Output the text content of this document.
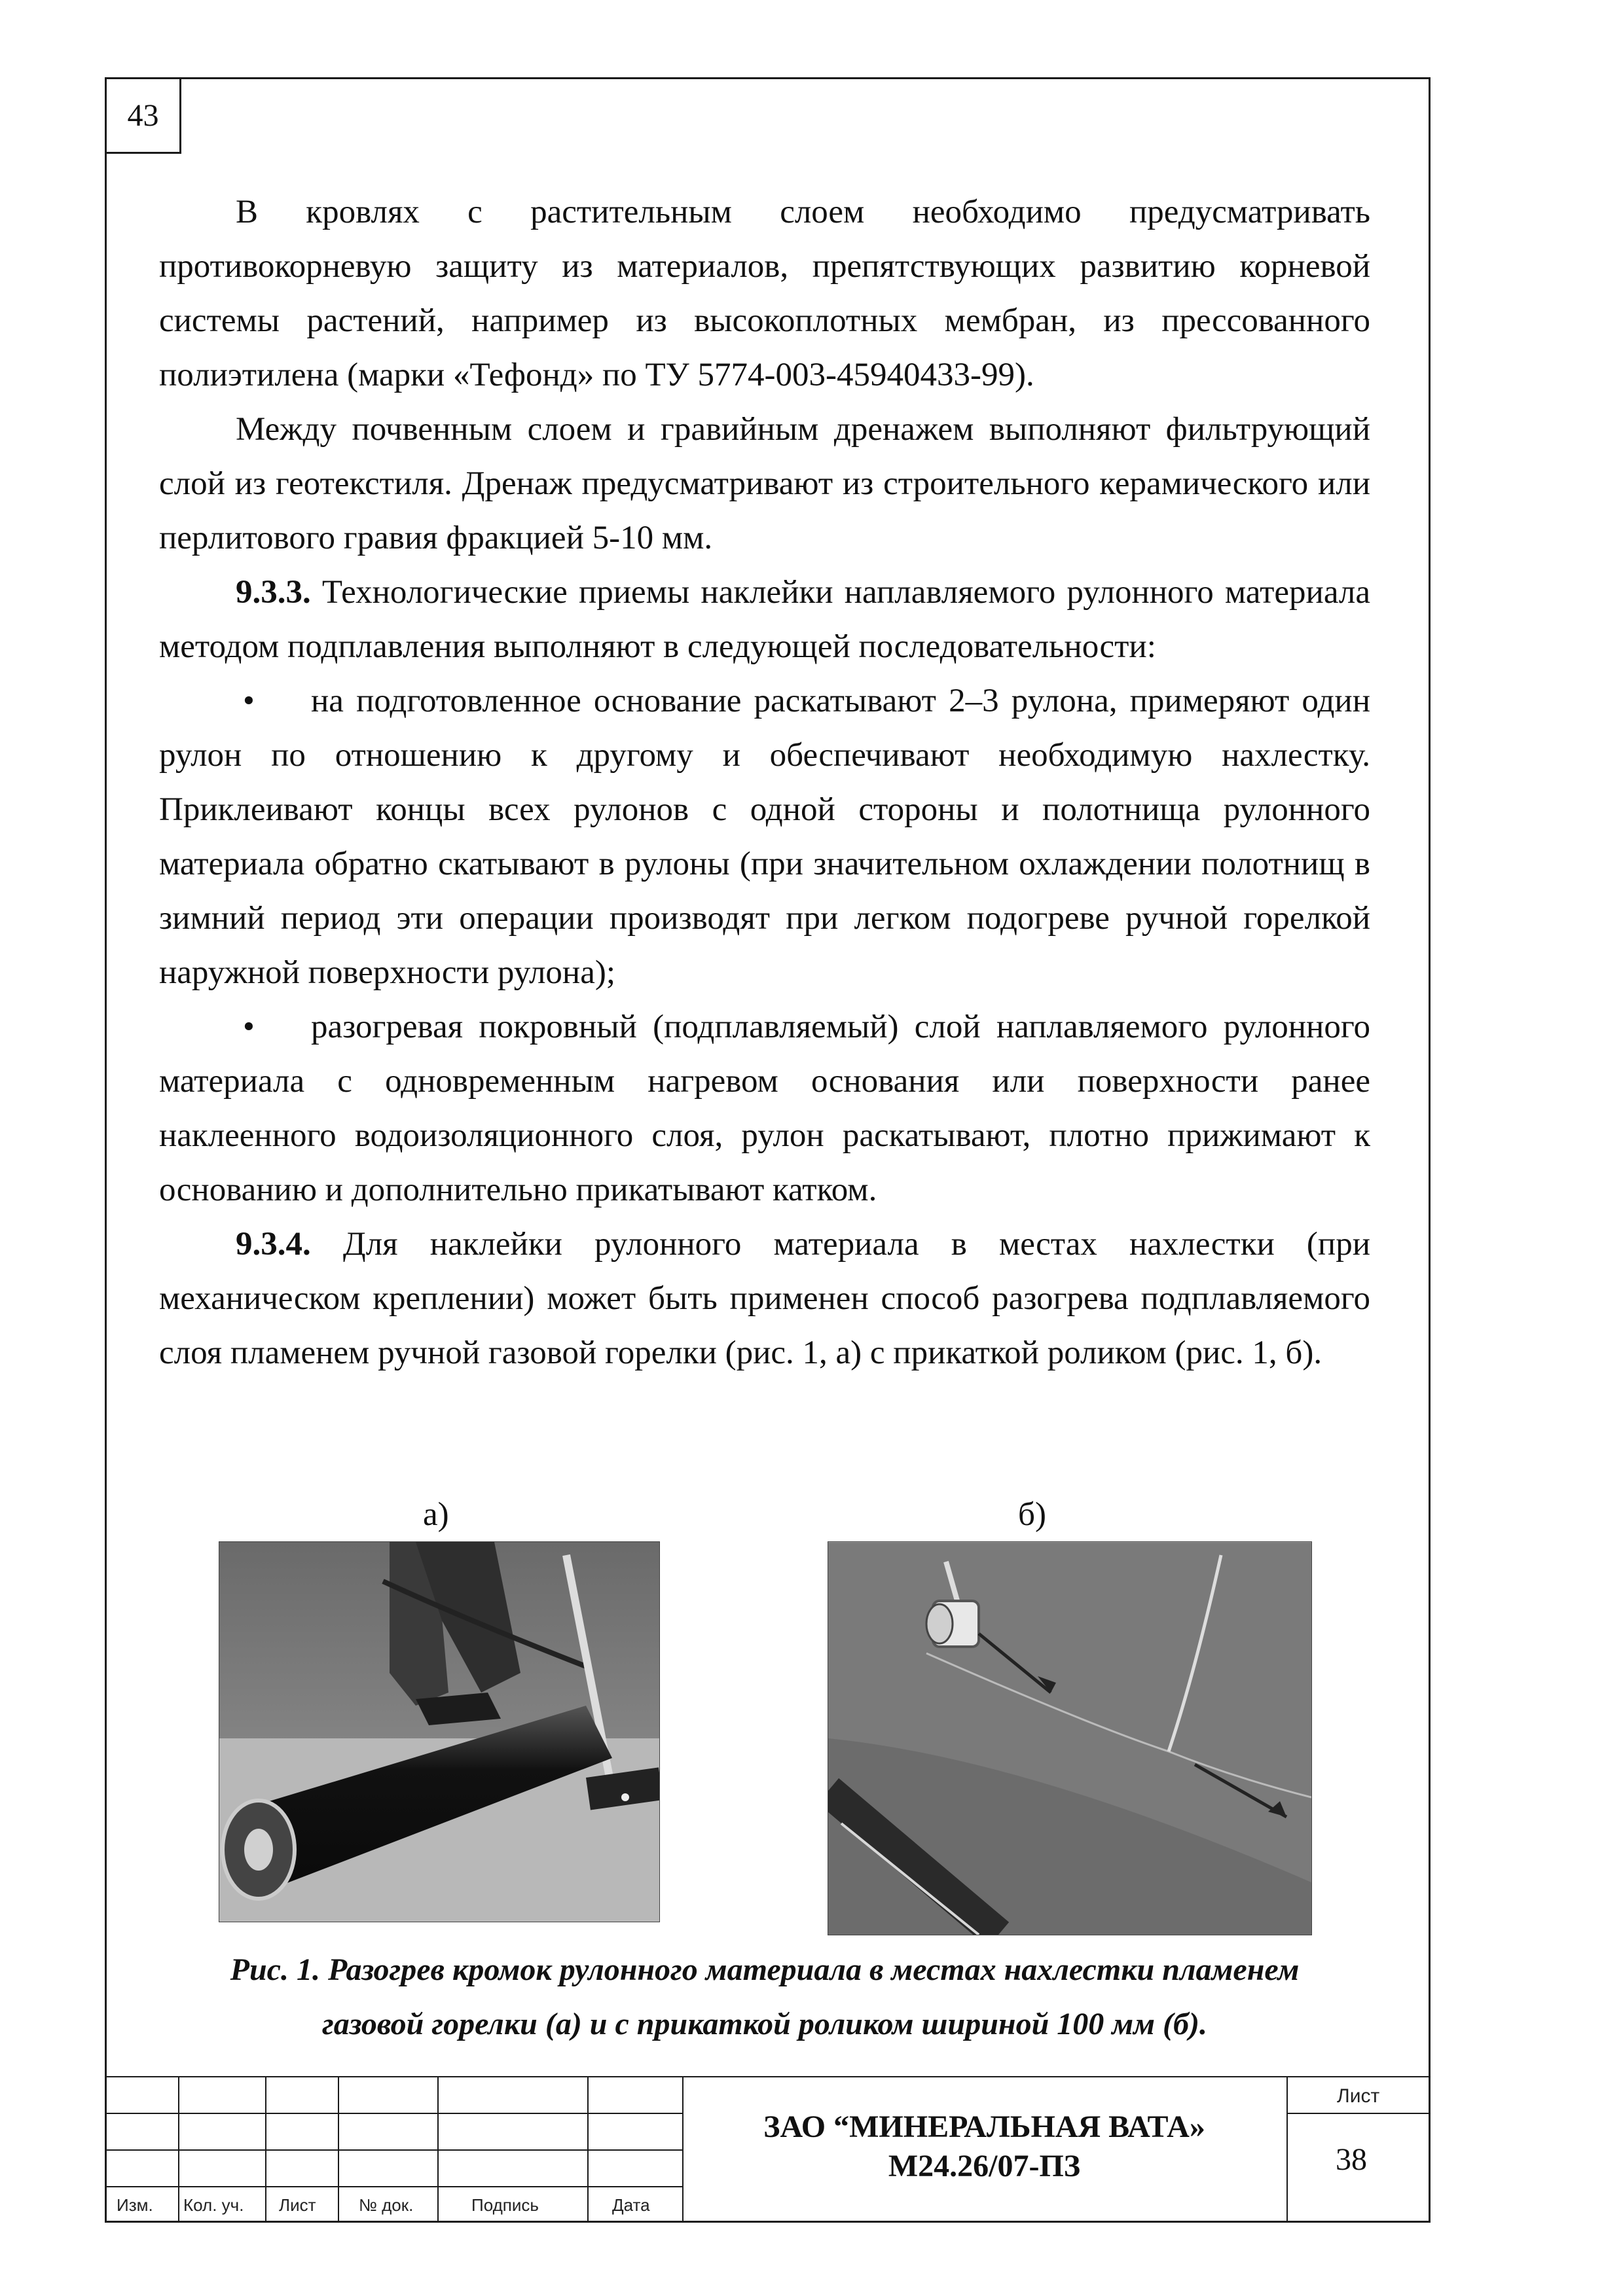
43

В кровлях с растительным слоем необходимо предусматривать противокорневую защиту из материалов, препятствующих развитию корневой системы растений, например из высокоплотных мембран, из прессованного полиэтилена (марки «Тефонд» по ТУ 5774-003-45940433-99).

Между почвенным слоем и гравийным дренажем выполняют фильтрующий слой из геотекстиля. Дренаж предусматривают из строительного керамического или перлитового гравия фракцией 5-10 мм.

9.3.3. Технологические приемы наклейки наплавляемого рулонного материала методом подплавления выполняют в следующей последовательности:

• на подготовленное основание раскатывают 2–3 рулона, примеряют один рулон по отношению к другому и обеспечивают необходимую нахлестку. Приклеивают концы всех рулонов с одной стороны и полотнища рулонного материала обратно скатывают в рулоны (при значительном охлаждении полотнищ в зимний период эти операции производят при легком подогреве ручной горелкой наружной поверхности рулона);

• разогревая покровный (подплавляемый) слой наплавляемого рулонного материала с одновременным нагревом основания или поверхности ранее наклеенного водоизоляционного слоя, рулон раскатывают, плотно прижимают к основанию и дополнительно прикатывают катком.

9.3.4. Для наклейки рулонного материала в местах нахлестки (при механическом креплении) может быть применен способ разогрева подплавляемого слоя пламенем ручной газовой горелки (рис. 1, а) с прикаткой роликом (рис. 1, б).

а)	б)
Рис. 1. Разогрев кромок рулонного материала в местах нахлестки пламенем
газовой горелки (а) и с прикаткой роликом шириной 100 мм (б).
Изм. Кол. уч. Лист	№ док.	Подпись	Дата
ЗАО “МИНЕРАЛЬНАЯ ВАТА»
М24.26/07-ПЗ
Лист
38
